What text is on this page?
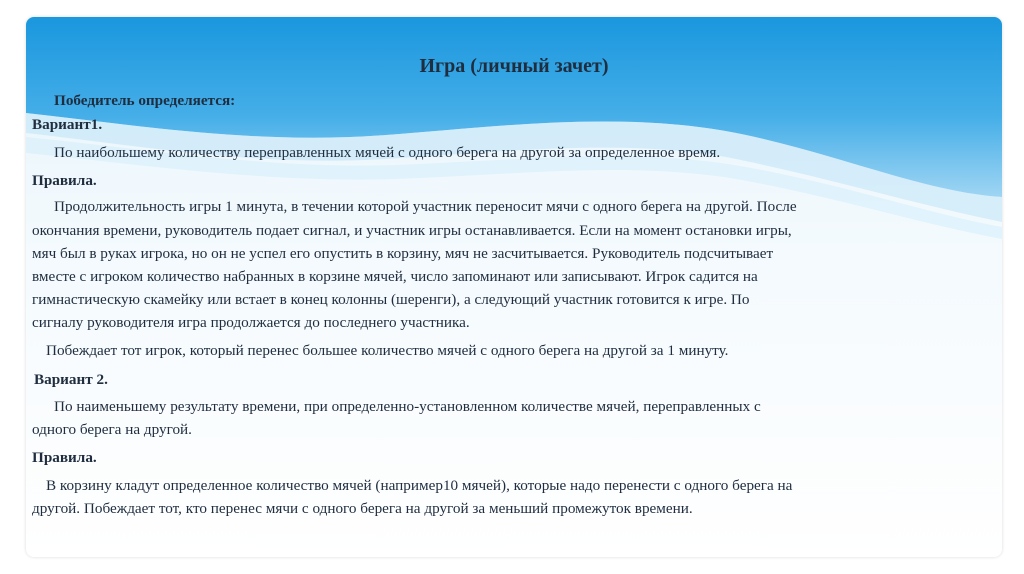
Игра (личный зачет)
Победитель определяется:
Вариант1.
По наибольшему количеству переправленных мячей с одного берега на другой за определенное время.
Правила.
Продолжительность игры 1 минута, в течении которой участник переносит мячи с одного берега на другой. После
окончания времени, руководитель подает сигнал, и участник игры останавливается. Если на момент остановки игры,
мяч был в руках игрока, но он не успел его опустить в корзину, мяч не засчитывается. Руководитель подсчитывает
вместе с игроком количество набранных в корзине мячей, число запоминают или записывают. Игрок садится на
гимнастическую скамейку или встает в конец колонны (шеренги), а следующий участник готовится к игре. По
сигналу руководителя игра продолжается до последнего участника.
Побеждает тот игрок, который перенес большее количество мячей с одного берега на другой за 1 минуту.
Вариант 2.
По наименьшему результату времени, при определенно-установленном количестве мячей, переправленных с
одного берега на другой.
Правила.
В корзину кладут определенное количество мячей (например10 мячей), которые надо перенести с одного берега на
другой. Побеждает тот, кто перенес мячи с одного берега на другой за меньший промежуток времени.
